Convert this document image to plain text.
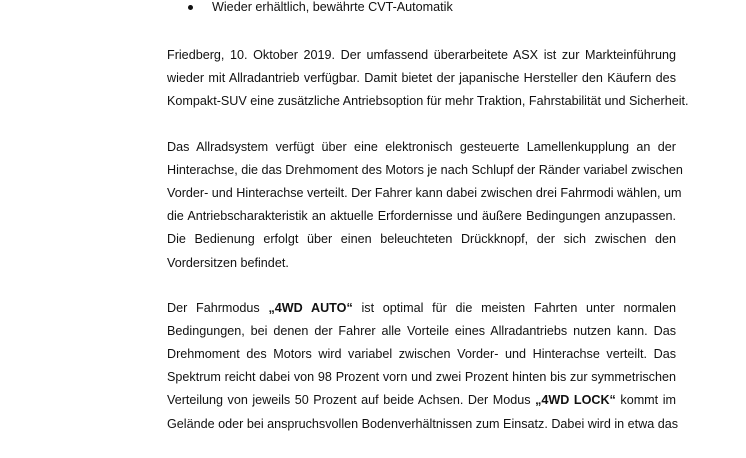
Wieder erhältlich, bewährte CVT-Automatik

Friedberg, 10. Oktober 2019. Der umfassend überarbeitete ASX ist zur Markteinführung
wieder mit Allradantrieb verfügbar. Damit bietet der japanische Hersteller den Käufern des
Kompakt-SUV eine zusätzliche Antriebsoption für mehr Traktion, Fahrstabilität und Sicherheit.

Das Allradsystem verfügt über eine elektronisch gesteuerte Lamellenkupplung an der
Hinterachse, die das Drehmoment des Motors je nach Schlupf der Ränder variabel zwischen
Vorder- und Hinterachse verteilt. Der Fahrer kann dabei zwischen drei Fahrmodi wählen, um
die Antriebscharakteristik an aktuelle Erfordernisse und äußere Bedingungen anzupassen.
Die Bedienung erfolgt über einen beleuchteten Drückknopf, der sich zwischen den
Vordersitzen befindet.

Der Fahrmodus „4WD AUTO“ ist optimal für die meisten Fahrten unter normalen
Bedingungen, bei denen der Fahrer alle Vorteile eines Allradantriebs nutzen kann. Das
Drehmoment des Motors wird variabel zwischen Vorder- und Hinterachse verteilt. Das
Spektrum reicht dabei von 98 Prozent vorn und zwei Prozent hinten bis zur symmetrischen
Verteilung von jeweils 50 Prozent auf beide Achsen. Der Modus „4WD LOCK“ kommt im
Gelände oder bei anspruchsvollen Bodenverhältnissen zum Einsatz. Dabei wird in etwa das
